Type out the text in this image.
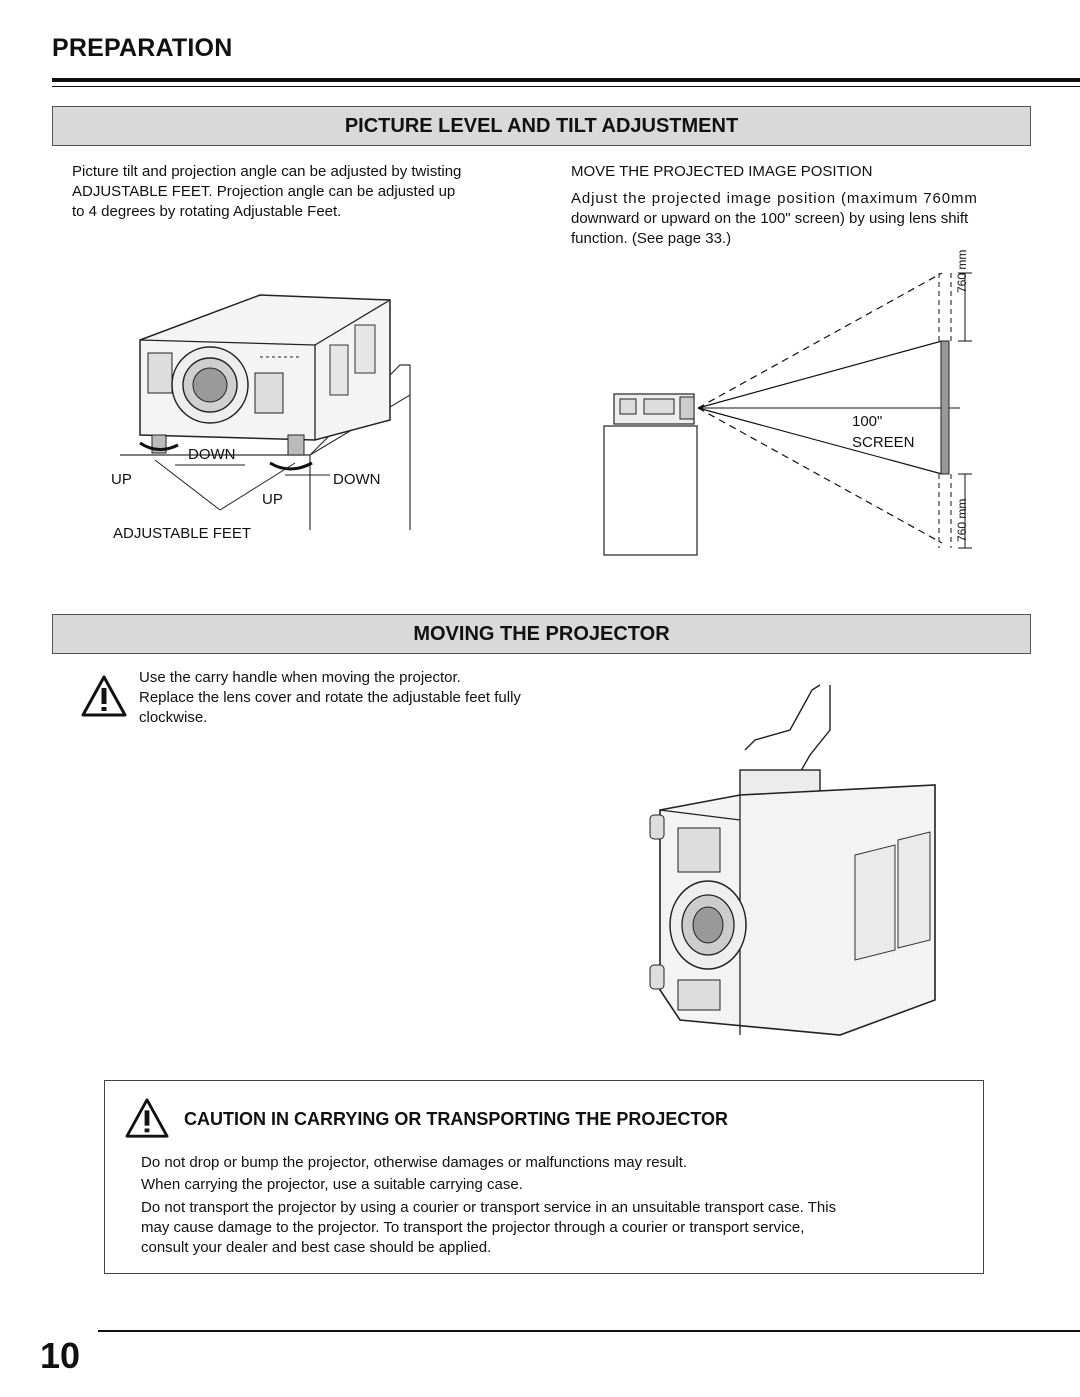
PREPARATION
PICTURE LEVEL AND TILT ADJUSTMENT
Picture tilt and projection angle can be adjusted by twisting
ADJUSTABLE FEET. Projection angle can be adjusted up
to 4 degrees by rotating Adjustable Feet.
MOVE THE PROJECTED IMAGE POSITION
Adjust the projected image position (maximum 760mm
downward or upward on the 100" screen) by using lens shift
function. (See page 33.)
DOWN
UP	DOWN
UP
ADJUSTABLE FEET
100"
SCREEN
760 mm
760 mm
MOVING THE PROJECTOR
Use the carry handle when moving the projector.
Replace the lens cover and rotate the adjustable feet fully
clockwise.
CAUTION IN CARRYING OR TRANSPORTING THE PROJECTOR
Do not drop or bump the projector, otherwise damages or malfunctions may result.
When carrying the projector, use a suitable carrying case.
Do not transport the projector by using a courier or transport service in an unsuitable transport case. This
may cause damage to the projector. To transport the projector through a courier or transport service,
consult your dealer and best case should be applied.
10
